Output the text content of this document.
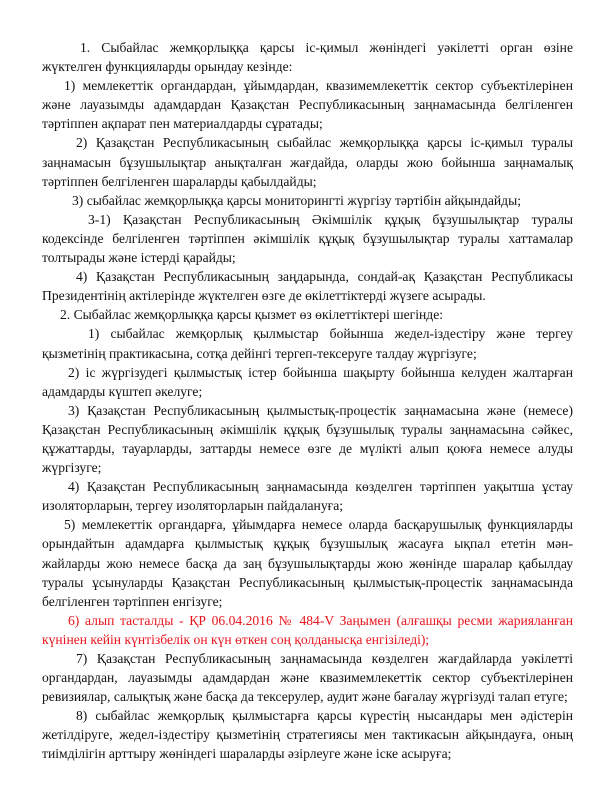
1. Сыбайлас жемқорлыққа қарсы іс-қимыл жөніндегі уәкілетті орган өзіне жүктелген функцияларды орындау кезінде:

1) мемлекеттік органдардан, ұйымдардан, квазимемлекеттік сектор субъектілерінен және лауазымды адамдардан Қазақстан Республикасының заңнамасында белгіленген тәртіппен ақпарат пен материалдарды сұратады;

2) Қазақстан Республикасының сыбайлас жемқорлыққа қарсы іс-қимыл туралы заңнамасын бұзушылықтар анықталған жағдайда, оларды жою бойынша заңнамалық тәртіппен белгіленген шараларды қабылдайды;

3) сыбайлас жемқорлыққа қарсы мониторингті жүргізу тәртібін айқындайды;

3-1) Қазақстан Республикасының Әкімшілік құқық бұзушылықтар туралы кодексінде белгіленген тәртіппен әкімшілік құқық бұзушылықтар туралы хаттамалар толтырады және істерді қарайды;

4) Қазақстан Республикасының заңдарында, сондай-ақ Қазақстан Республикасы Президентінің актілерінде жүктелген өзге де өкілеттіктерді жүзеге асырады.

2. Сыбайлас жемқорлыққа қарсы қызмет өз өкілеттіктері шегінде:

1) сыбайлас жемқорлық қылмыстар бойынша жедел-іздестіру және тергеу қызметінің практикасына, сотқа дейінгі тергеп-тексеруге талдау жүргізуге;

2) іс жүргізудегі қылмыстық істер бойынша шақырту бойынша келуден жалтарған адамдарды күштеп әкелуге;

3) Қазақстан Республикасының қылмыстық-процестік заңнамасына және (немесе) Қазақстан Республикасының әкімшілік құқық бұзушылық туралы заңнамасына сәйкес, құжаттарды, тауарларды, заттарды немесе өзге де мүлікті алып қоюға немесе алуды жүргізуге;

4) Қазақстан Республикасының заңнамасында көзделген тәртіппен уақытша ұстау изоляторларын, тергеу изоляторларын пайдалануға;

5) мемлекеттік органдарға, ұйымдарға немесе оларда басқарушылық функцияларды орындайтын адамдарға қылмыстық құқық бұзушылық жасауға ықпал ететін мән-жайларды жою немесе басқа да заң бұзушылықтарды жою жөнінде шаралар қабылдау туралы ұсынуларды Қазақстан Республикасының қылмыстық-процестік заңнамасында белгіленген тәртіппен енгізуге;

6) алып тасталды - ҚР 06.04.2016 № 484-V Заңымен (алғашқы ресми жарияланған күнінен кейін күнтізбелік он күн өткен соң қолданысқа енгізіледі);

7) Қазақстан Республикасының заңнамасында көзделген жағдайларда уәкілетті органдардан, лауазымды адамдардан және квазимемлекеттік сектор субъектілерінен ревизиялар, салықтық және басқа да тексерулер, аудит және бағалау жүргізуді талап етуге;

8) сыбайлас жемқорлық қылмыстарға қарсы күрестің нысандары мен әдістерін жетілдіруге, жедел-іздестіру қызметінің стратегиясы мен тактикасын айқындауға, оның тиімділігін арттыру жөніндегі шараларды әзірлеуге және іске асыруға;
